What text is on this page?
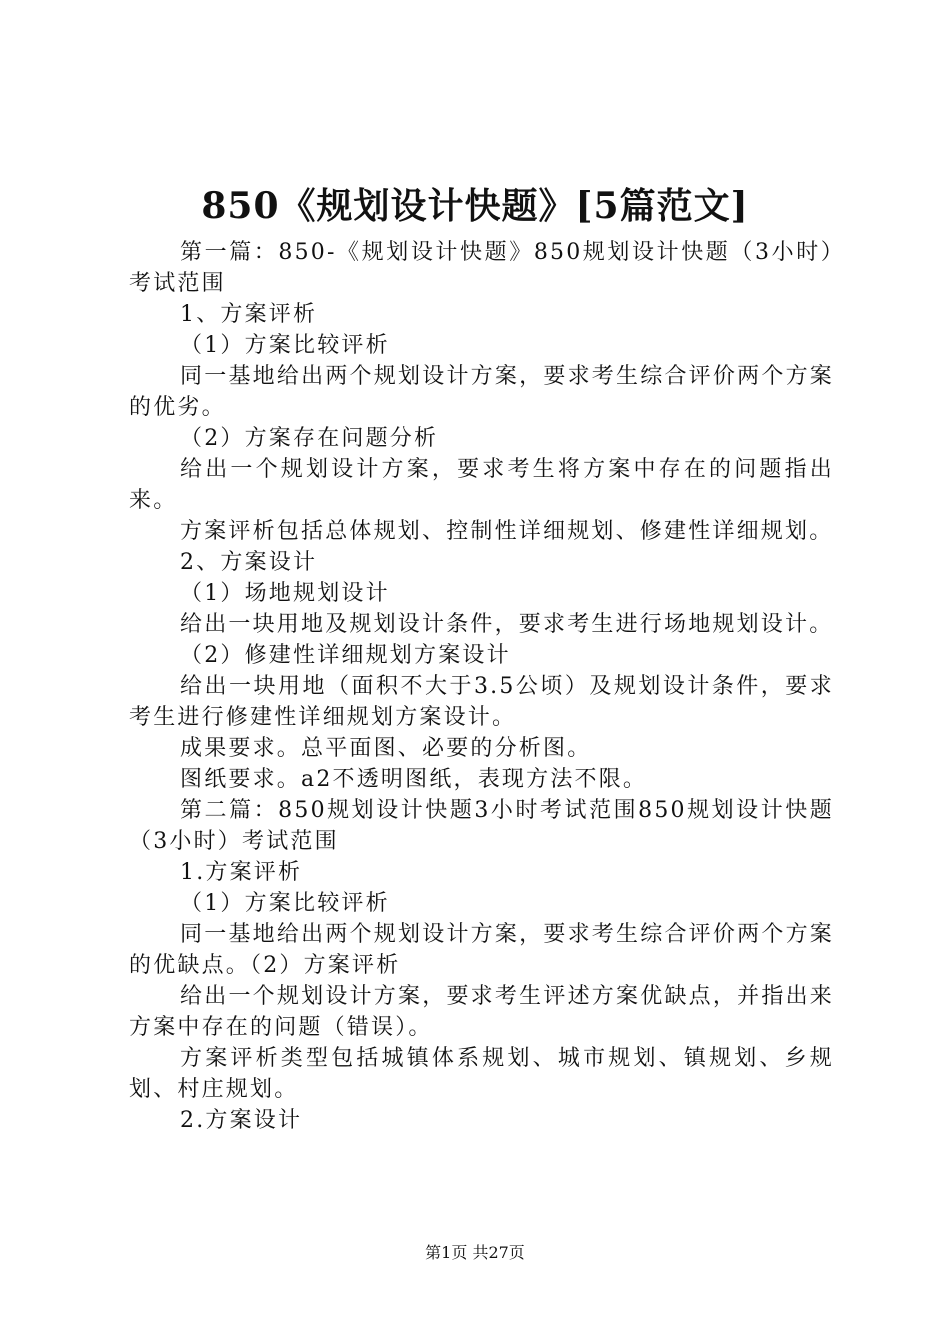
850《规划设计快题》[5篇范文]

第一篇：850-《规划设计快题》850规划设计快题（3小时）考试范围

1、方案评析

（1）方案比较评析

同一基地给出两个规划设计方案，要求考生综合评价两个方案的优劣。

（2）方案存在问题分析

给出一个规划设计方案，要求考生将方案中存在的问题指出来。

方案评析包括总体规划、控制性详细规划、修建性详细规划。

2、方案设计

（1）场地规划设计

给出一块用地及规划设计条件，要求考生进行场地规划设计。

（2）修建性详细规划方案设计

给出一块用地（面积不大于3.5公顷）及规划设计条件，要求考生进行修建性详细规划方案设计。

成果要求。总平面图、必要的分析图。

图纸要求。a2不透明图纸，表现方法不限。

第二篇：850规划设计快题3小时考试范围850规划设计快题（3小时）考试范围

1.方案评析

（1）方案比较评析

同一基地给出两个规划设计方案，要求考生综合评价两个方案的优缺点。（2）方案评析

给出一个规划设计方案，要求考生评述方案优缺点，并指出来方案中存在的问题（错误）。

方案评析类型包括城镇体系规划、城市规划、镇规划、乡规划、村庄规划。

2.方案设计

第1页 共27页
